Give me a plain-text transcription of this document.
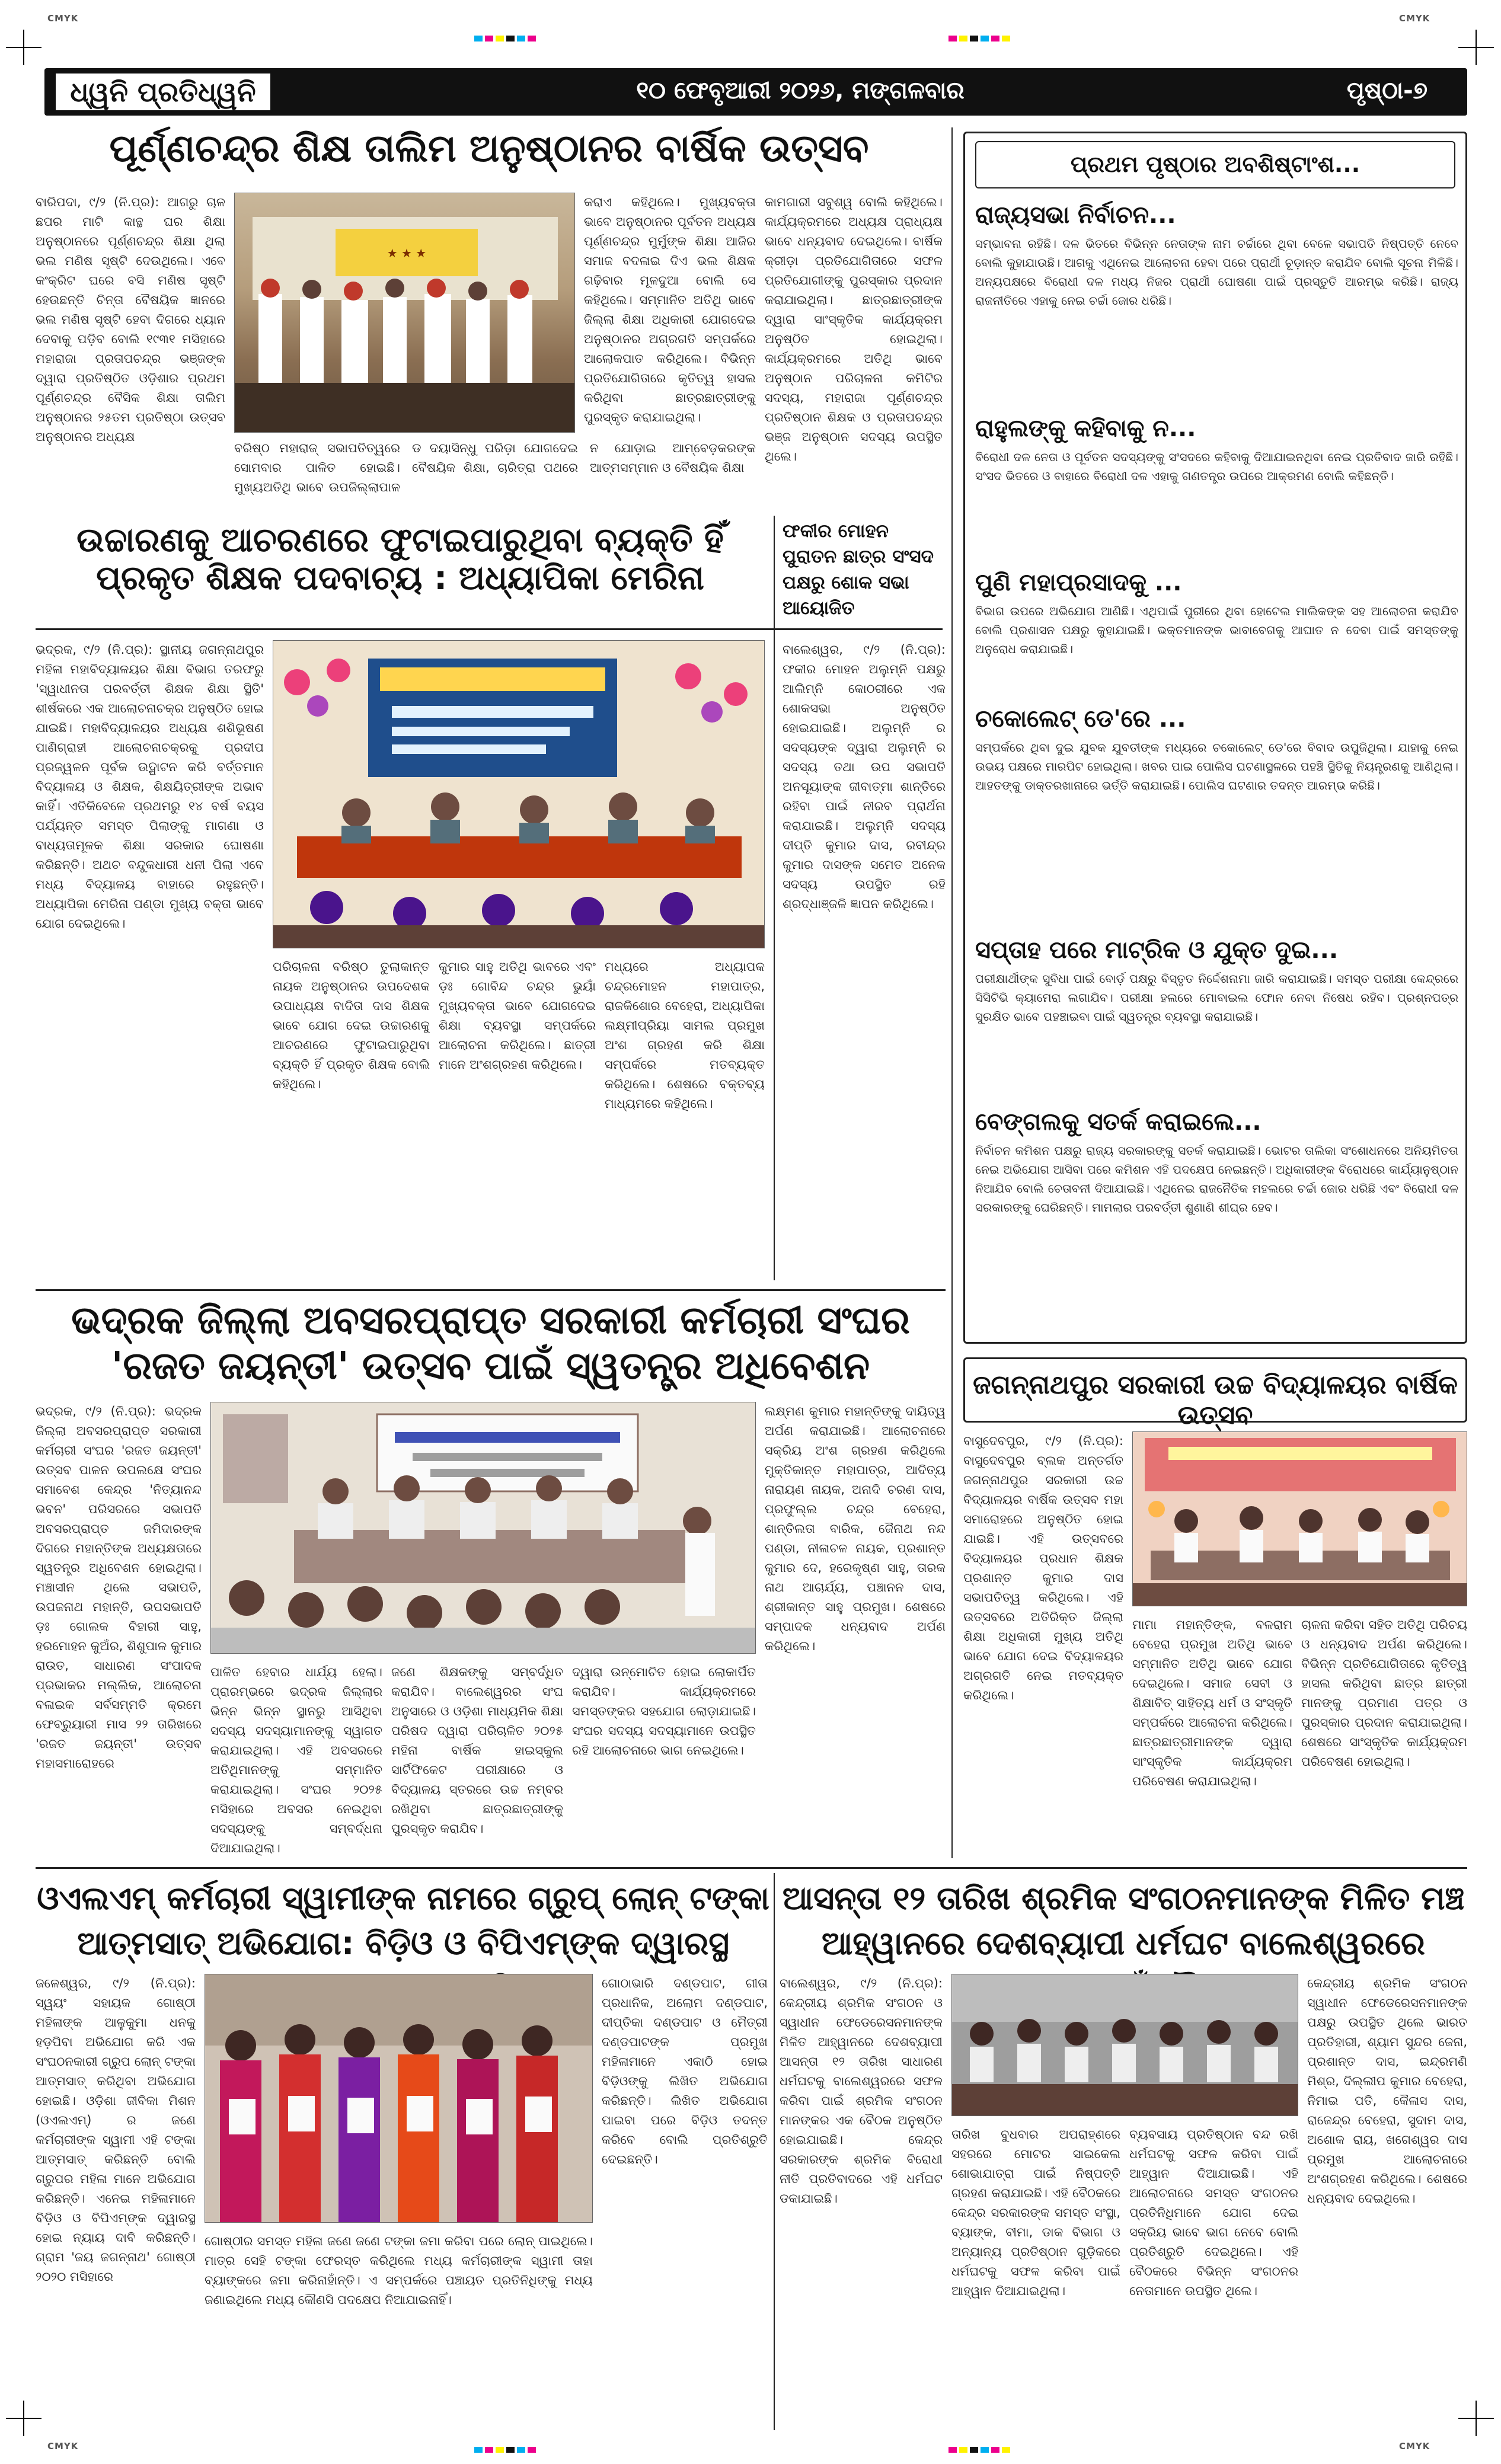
CMYK	CMYK
CMYK	CMYK
ଧ୍ୱନି ପ୍ରତିଧ୍ୱନି	୧୦ ଫେବୃଆରୀ ୨୦୨୬, ମଙ୍ଗଳବାର	ପୃଷ୍ଠା-୭
ପୂର୍ଣ୍ଣଚନ୍ଦ୍ର ଶିକ୍ଷ ତାଲିମ ଅନୁଷ୍ଠାନର ବାର୍ଷିକ ଉତ୍ସବ
ବାରିପଦା, ୯/୨ (ନି.ପ୍ର): ଆଗରୁ ଚାଳ ଛପର ମାଟି କାନ୍ଥ ଘର ଶିକ୍ଷା ଅନୁଷ୍ଠାନରେ ପୂର୍ଣ୍ଣଚନ୍ଦ୍ର ଶିକ୍ଷା ଥିଲା ଭଲ ମଣିଷ ସୃଷ୍ଟି ଦେଉଥିଲେ। ଏବେ କଂକ୍ରିଟ ଘରେ ବସି ମଣିଷ ସୃଷ୍ଟି ହେଉଛନ୍ତି ଚିନ୍ତା ବୈଷୟିକ ଜ୍ଞାନରେ ଭଲ ମଣିଷ ସୃଷ୍ଟି ହେବା ଦିଗରେ ଧ୍ୟାନ ଦେବାକୁ ପଡ଼ିବ ବୋଲି ୧୯୩୧ ମସିହାରେ ମହାରାଜା ପ୍ରତାପଚନ୍ଦ୍ର ଭଞ୍ଜଙ୍କ ଦ୍ୱାରା ପ୍ରତିଷ୍ଠିତ ଓଡ଼ିଶାର ପ୍ରଥମ ପୂର୍ଣ୍ଣଚନ୍ଦ୍ର ବୈସିକ ଶିକ୍ଷା ତାଲିମ ଅନୁଷ୍ଠାନର ୨୫ତମ ପ୍ରତିଷ୍ଠା ଉତ୍ସବ ଅନୁଷ୍ଠାନର ଅଧ୍ୟକ୍ଷ
★ ★ ★
କରାଏ କହିଥିଲେ। ମୁଖ୍ୟବକ୍ତା ଭାବେ ଅନୁଷ୍ଠାନର ପୂର୍ବତନ ଅଧ୍ୟକ୍ଷ ପୂର୍ଣ୍ଣଚନ୍ଦ୍ର ମୁର୍ମୁଙ୍କ ଶିକ୍ଷା ଆଜିର ସମାଜ ବଦଳାଇ ଦିଏ ଭଲ ଶିକ୍ଷକ ଗଢ଼ିବାର ମୂଳଦୁଆ ବୋଲି ସେ କହିଥିଲେ। ସମ୍ମାନିତ ଅତିଥି ଭାବେ ଜିଲ୍ଲା ଶିକ୍ଷା ଅଧିକାରୀ ଯୋଗଦେଇ ଅନୁଷ୍ଠାନର ଅଗ୍ରଗତି ସମ୍ପର୍କରେ ଆଲୋକପାତ କରିଥିଲେ। ବିଭିନ୍ନ ପ୍ରତିଯୋଗିତାରେ କୃତିତ୍ୱ ହାସଲ କରିଥିବା ଛାତ୍ରଛାତ୍ରୀଙ୍କୁ ପୁରସ୍କୃତ କରାଯାଇଥିଲା।
କାମଗାରୀ ସବୁଶ୍ୱ ବୋଲି କହିଥିଲେ। କାର୍ଯ୍ୟକ୍ରମରେ ଅଧ୍ୟକ୍ଷ ପ୍ରାଧ୍ୟକ୍ଷ ଭାବେ ଧନ୍ୟବାଦ ଦେଇଥିଲେ। ବାର୍ଷିକ କ୍ରୀଡ଼ା ପ୍ରତିଯୋଗିତାରେ ସଫଳ ପ୍ରତିଯୋଗୀଙ୍କୁ ପୁରସ୍କାର ପ୍ରଦାନ କରାଯାଇଥିଲା। ଛାତ୍ରଛାତ୍ରୀଙ୍କ ଦ୍ୱାରା ସାଂସ୍କୃତିକ କାର୍ଯ୍ୟକ୍ରମ ଅନୁଷ୍ଠିତ ହୋଇଥିଲା। କାର୍ଯ୍ୟକ୍ରମରେ ଅତିଥି ଭାବେ ଅନୁଷ୍ଠାନ ପରିଚାଳନା କମିଟିର ସଦସ୍ୟ, ମହାରାଜା ପୂର୍ଣ୍ଣଚନ୍ଦ୍ର ପ୍ରତିଷ୍ଠାନ ଶିକ୍ଷକ ଓ ପ୍ରତାପଚନ୍ଦ୍ର ଭଞ୍ଜ ଅନୁଷ୍ଠାନ ସଦସ୍ୟ ଉପସ୍ଥିତ ଥିଲେ।
ବରିଷ୍ଠ ମହାରାଜ୍ ସଭାପତିତ୍ୱରେ ସୋମବାର ପାଳିତ ହୋଇଛି। ମୁଖ୍ୟଅତିଥି ଭାବେ ଉପଜିଲ୍ଲାପାଳ ଡ ଦୟାସିନ୍ଧୁ ପରିଡ଼ା ଯୋଗଦେଇ ବୈଷୟିକ ଶିକ୍ଷା, ଚାରିତ୍ରା ପଥରେ ନ ଯୋଡ଼ାଇ ଆମ୍ବେଡ଼କରଙ୍କ ଆତ୍ମସମ୍ମାନ ଓ ବୈଷୟିକ ଶିକ୍ଷା
ଉଚ୍ଚାରଣକୁ ଆଚରଣରେ ଫୁଟାଇପାରୁଥିବା ବ୍ୟକ୍ତି ହିଁ ପ୍ରକୃତ ଶିକ୍ଷକ ପଦବାଚ୍ୟ : ଅଧ୍ୟାପିକା ମେରିନା
ଭଦ୍ରକ, ୯/୨ (ନି.ପ୍ର): ସ୍ଥାନୀୟ ଜଗନ୍ନାଥପୁର ମହିଳା ମହାବିଦ୍ୟାଳୟର ଶିକ୍ଷା ବିଭାଗ ତରଫରୁ 'ସ୍ୱାଧୀନତା ପରବର୍ତ୍ତୀ ଶିକ୍ଷକ ଶିକ୍ଷା ସ୍ଥିତି' ଶୀର୍ଷକରେ ଏକ ଆଲୋଚନାଚକ୍ର ଅନୁଷ୍ଠିତ ହୋଇ ଯାଇଛି। ମହାବିଦ୍ୟାଳୟର ଅଧ୍ୟକ୍ଷ ଶଶିଭୂଷଣ ପାଣିଗ୍ରାହୀ ଆଲୋଚନାଚକ୍ରକୁ ପ୍ରଦୀପ ପ୍ରଜ୍ୱଳନ ପୂର୍ବକ ଉଦ୍ଘାଟନ କରି ବର୍ତ୍ତମାନ ବିଦ୍ୟାଳୟ ଓ ଶିକ୍ଷକ, ଶିକ୍ଷୟିତ୍ରୀଙ୍କ ଅଭାବ କାହିଁ। ଏତିକିବେଳେ ପ୍ରଥମରୁ ୧୪ ବର୍ଷ ବୟସ ପର୍ଯ୍ୟନ୍ତ ସମସ୍ତ ପିଲାଙ୍କୁ ମାଗଣା ଓ ବାଧ୍ୟତାମୂଳକ ଶିକ୍ଷା ସରକାର ଘୋଷଣା କରିଛନ୍ତି। ଅଥଚ ବନ୍ଦୁକଧାରୀ ଧନୀ ପିଲା ଏବେ ମଧ୍ୟ ବିଦ୍ୟାଳୟ ବାହାରେ ରହୁଛନ୍ତି। ଅଧ୍ୟାପିକା ମେରିନା ପଣ୍ଡା ମୁଖ୍ୟ ବକ୍ତା ଭାବେ ଯୋଗ ଦେଇଥିଲେ।
ପରିଚାଳନା ବରିଷ୍ଠ ତୁଲାକାନ୍ତ ନାୟକ ଅନୁଷ୍ଠାନର ଉପଦେଶକ ଉପାଧ୍ୟକ୍ଷ ବାଦିତା ଦାସ ଶିକ୍ଷକ ଭାବେ ଯୋଗ ଦେଇ ଉଚ୍ଚାରଣକୁ ଆଚରଣରେ ଫୁଟାଇପାରୁଥିବା ବ୍ୟକ୍ତି ହିଁ ପ୍ରକୃତ ଶିକ୍ଷକ ବୋଲି କହିଥିଲେ।
କୁମାର ସାହୁ ଅତିଥି ଭାବରେ ଏବଂ ଡ଼ଃ ଗୋବିନ୍ଦ ଚନ୍ଦ୍ର ଭୁୟାଁ ମୁଖ୍ୟବକ୍ତା ଭାବେ ଯୋଗଦେଇ ଶିକ୍ଷା ବ୍ୟବସ୍ଥା ସମ୍ପର୍କରେ ଆଲୋଚନା କରିଥିଲେ। ଛାତ୍ରୀ ମାନେ ଅଂଶଗ୍ରହଣ କରିଥିଲେ।
ମଧ୍ୟରେ ଅଧ୍ୟାପକ ଚନ୍ଦ୍ରମୋହନ ମହାପାତ୍ର, ରାଜକିଶୋର ବେହେରା, ଅଧ୍ୟାପିକା ଲକ୍ଷ୍ମୀପ୍ରିୟା ସାମଲ ପ୍ରମୁଖ ଅଂଶ ଗ୍ରହଣ କରି ଶିକ୍ଷା ସମ୍ପର୍କରେ ମତବ୍ୟକ୍ତ କରିଥିଲେ। ଶେଷରେ ବକ୍ତବ୍ୟ ମାଧ୍ୟମରେ କହିଥିଲେ।
ଫକୀର ମୋହନ ପୁରାତନ ଛାତ୍ର ସଂସଦ ପକ୍ଷରୁ ଶୋକ ସଭା ଆୟୋଜିତ
ବାଲେଶ୍ୱର, ୯/୨ (ନି.ପ୍ର): ଫକୀର ମୋହନ ଅଲୁମ୍ନି ପକ୍ଷରୁ ଆଲିମ୍ନି କୋଠରୀରେ ଏକ ଶୋକସଭା ଅନୁଷ୍ଠିତ ହୋଇଯାଇଛି। ଅଲୁମ୍ନି ର ସଦସ୍ୟଙ୍କ ଦ୍ୱାରା ଅଲୁମ୍ନି ର ସଦସ୍ୟ ତଥା ଉପ ସଭାପତି ଅନସୂୟାଙ୍କ ଜୀବାତ୍ମା ଶାନ୍ତିରେ ରହିବା ପାଇଁ ନୀରବ ପ୍ରାର୍ଥନା କରାଯାଇଛି। ଅଲୁମ୍ନି ସଦସ୍ୟ ଦୀପ୍ତି କୁମାର ଦାସ, ରବୀନ୍ଦ୍ର କୁମାର ଦାସଙ୍କ ସମେତ ଅନେକ ସଦସ୍ୟ ଉପସ୍ଥିତ ରହି ଶ୍ରଦ୍ଧାଞ୍ଜଳି ଜ୍ଞାପନ କରିଥିଲେ।
ଭଦ୍ରକ ଜିଲ୍ଲା ଅବସରପ୍ରାପ୍ତ ସରକାରୀ କର୍ମଚାରୀ ସଂଘର 'ରଜତ ଜୟନ୍ତୀ' ଉତ୍ସବ ପାଇଁ ସ୍ୱତନ୍ତ୍ର ଅଧିବେଶନ
ଭଦ୍ରକ, ୯/୨ (ନି.ପ୍ର): ଭଦ୍ରକ ଜିଲ୍ଲା ଅବସରପ୍ରାପ୍ତ ସରକାରୀ କର୍ମଚାରୀ ସଂଘର 'ରଜତ ଜୟନ୍ତୀ' ଉତ୍ସବ ପାଳନ ଉପଲକ୍ଷେ ସଂଘର ସମାବେଶ କେନ୍ଦ୍ର 'ନିତ୍ୟାନନ୍ଦ ଭବନ' ପରିସରରେ ସଭାପତି ଅବସରପ୍ରାପ୍ତ ଜମିଦାରଙ୍କ ଦିଗରେ ମହାନ୍ତିଙ୍କ ଅଧ୍ୟକ୍ଷତାରେ ସ୍ୱତନ୍ତ୍ର ଅଧିବେଶନ ହୋଇଥିଲା। ମଞ୍ଚାସୀନ ଥିଲେ ସଭାପତି, ଉପଜନାଥ ମହାନ୍ତି, ଉପସଭାପତି ଡ଼ଃ ଗୋଲକ ବିହାରୀ ସାହୁ, ହରମୋହନ କୁଅଁର, ଶିଶୁପାଳ କୁମାର ରାଉତ, ସାଧାରଣ ସଂପାଦକ ପ୍ରଭାକର ମଲ୍ଲିକ, ଆଲୋଚନା ବଳାଇକ ସର୍ବସମ୍ମତି କ୍ରମେ ଫେବ୍ରୁୟାରୀ ମାସ ୨୨ ତାରିଖରେ 'ରଜତ ଜୟନ୍ତୀ' ଉତ୍ସବ ମହାସମାରୋହରେ
ପାଳିତ ହେବାର ଧାର୍ଯ୍ୟ ହେଲା। ପ୍ରାରମ୍ଭରେ ଭଦ୍ରକ ଜିଲ୍ଲାର ଭିନ୍ନ ଭିନ୍ନ ସ୍ଥାନରୁ ଆସିଥିବା ସଦସ୍ୟ ସଦସ୍ୟାମାନଙ୍କୁ ସ୍ୱାଗତ କରାଯାଇଥିଲା। ଏହି ଅବସରରେ ଅତିଥିମାନଙ୍କୁ ସମ୍ମାନିତ କରାଯାଇଥିଲା। ସଂଘର ୨୦୨୫ ମସିହାରେ ଅବସର ନେଇଥିବା ସଦସ୍ୟଙ୍କୁ ସମ୍ବର୍ଦ୍ଧନା ଦିଆଯାଇଥିଲା।
ଜଣେ ଶିକ୍ଷକଙ୍କୁ ସମ୍ବର୍ଦ୍ଧିତ କରାଯିବ। ବାଲେଶ୍ୱରର ସଂଘ ଅନୁସାରେ ଓ ଓଡ଼ିଶା ମାଧ୍ୟମିକ ଶିକ୍ଷା ପରିଷଦ ଦ୍ୱାରା ପରିଚାଳିତ ୨୦୨୫ ମହିନା ବାର୍ଷିକ ହାଇସ୍କୁଲ ସାର୍ଟିଫିକେଟ ପରୀକ୍ଷାରେ ଓ ବିଦ୍ୟାଳୟ ସ୍ତରରେ ଉଚ୍ଚ ନମ୍ବର ରଖିଥିବା ଛାତ୍ରଛାତ୍ରୀଙ୍କୁ ପୁରସ୍କୃତ କରାଯିବ।
ଦ୍ୱାରା ଉନ୍ମୋଚିତ ହୋଇ ଲୋକାର୍ପିତ କରାଯିବ। କାର୍ଯ୍ୟକ୍ରମରେ ସମସ୍ତଙ୍କର ସହଯୋଗ ଲୋଡ଼ାଯାଇଛି। ସଂଘର ସଦସ୍ୟ ସଦସ୍ୟାମାନେ ଉପସ୍ଥିତ ରହି ଆଲୋଚନାରେ ଭାଗ ନେଇଥିଲେ।
ଲକ୍ଷ୍ମଣ କୁମାର ମହାନ୍ତିଙ୍କୁ ଦାୟିତ୍ୱ ଅର୍ପଣ କରାଯାଇଛି। ଆଲୋଚନାରେ ସକ୍ରିୟ ଅଂଶ ଗ୍ରହଣ କରିଥିଲେ ମୁକ୍ତିକାନ୍ତ ମହାପାତ୍ର, ଆଦିତ୍ୟ ନାରାୟଣ ନାୟକ, ଅନାଦି ଚରଣ ଦାସ, ପ୍ରଫୁଲ୍ଲ ଚନ୍ଦ୍ର ବେହେରା, ଶାନ୍ତିଲତା ବାରିକ, ଜୈନାଥ ନନ୍ଦ ପଣ୍ଡା, ନୀଳାଚଳ ନାୟକ, ପ୍ରଶାନ୍ତ କୁମାର ଦେ, ହରେକୃଷ୍ଣ ସାହୁ, ତାରକ ନାଥ ଆଚାର୍ଯ୍ୟ, ପଞ୍ଚାନନ ଦାସ, ଶ୍ରୀକାନ୍ତ ସାହୁ ପ୍ରମୁଖ। ଶେଷରେ ସମ୍ପାଦକ ଧନ୍ୟବାଦ ଅର୍ପଣ କରିଥିଲେ।
ପ୍ରଥମ ପୃଷ୍ଠାର ଅବଶିଷ୍ଟାଂଶ...
ରାଜ୍ୟସଭା ନିର୍ବାଚନ...
ସମ୍ଭାବନା ରହିଛି। ଦଳ ଭିତରେ ବିଭିନ୍ନ ନେତାଙ୍କ ନାମ ଚର୍ଚ୍ଚାରେ ଥିବା ବେଳେ ସଭାପତି ନିଷ୍ପତ୍ତି ନେବେ ବୋଲି କୁହାଯାଉଛି। ଆଗକୁ ଏଥିନେଇ ଆଲୋଚନା ହେବା ପରେ ପ୍ରାର୍ଥୀ ଚୂଡ଼ାନ୍ତ କରାଯିବ ବୋଲି ସୂଚନା ମିଳିଛି। ଅନ୍ୟପକ୍ଷରେ ବିରୋଧୀ ଦଳ ମଧ୍ୟ ନିଜର ପ୍ରାର୍ଥୀ ଘୋଷଣା ପାଇଁ ପ୍ରସ୍ତୁତି ଆରମ୍ଭ କରିଛି। ରାଜ୍ୟ ରାଜନୀତିରେ ଏହାକୁ ନେଇ ଚର୍ଚ୍ଚା ଜୋର ଧରିଛି।
ରାହୁଲଙ୍କୁ କହିବାକୁ ନ...
ବିରୋଧୀ ଦଳ ନେତା ଓ ପୂର୍ବତନ ସଦସ୍ୟଙ୍କୁ ସଂସଦରେ କହିବାକୁ ଦିଆଯାଇନଥିବା ନେଇ ପ୍ରତିବାଦ ଜାରି ରହିଛି। ସଂସଦ ଭିତରେ ଓ ବାହାରେ ବିରୋଧୀ ଦଳ ଏହାକୁ ଗଣତନ୍ତ୍ର ଉପରେ ଆକ୍ରମଣ ବୋଲି କହିଛନ୍ତି।
ପୁଣି ମହାପ୍ରସାଦକୁ ...
ବିଭାଗ ଉପରେ ଅଭିଯୋଗ ଆଣିଛି। ଏଥିପାଇଁ ପୁରୀରେ ଥିବା ହୋଟେଲ ମାଲିକଙ୍କ ସହ ଆଲୋଚନା କରାଯିବ ବୋଲି ପ୍ରଶାସନ ପକ୍ଷରୁ କୁହାଯାଇଛି। ଭକ୍ତମାନଙ୍କ ଭାବାବେଗକୁ ଆଘାତ ନ ଦେବା ପାଇଁ ସମସ୍ତଙ୍କୁ ଅନୁରୋଧ କରାଯାଇଛି।
ଚକୋଲେଟ୍ ଡେ'ରେ ...
ସମ୍ପର୍କରେ ଥିବା ଦୁଇ ଯୁବକ ଯୁବତୀଙ୍କ ମଧ୍ୟରେ ଚକୋଲେଟ୍ ଡେ'ରେ ବିବାଦ ଉପୁଜିଥିଲା। ଯାହାକୁ ନେଇ ଉଭୟ ପକ୍ଷରେ ମାରପିଟ ହୋଇଥିଲା। ଖବର ପାଇ ପୋଲିସ ଘଟଣାସ୍ଥଳରେ ପହଞ୍ଚି ସ୍ଥିତିକୁ ନିୟନ୍ତ୍ରଣକୁ ଆଣିଥିଲା। ଆହତଙ୍କୁ ଡାକ୍ତରଖାନାରେ ଭର୍ତ୍ତି କରାଯାଇଛି। ପୋଲିସ ଘଟଣାର ତଦନ୍ତ ଆରମ୍ଭ କରିଛି।
ସପ୍ତାହ ପରେ ମାଟ୍ରିକ ଓ ଯୁକ୍ତ ଦୁଇ...
ପରୀକ୍ଷାର୍ଥୀଙ୍କ ସୁବିଧା ପାଇଁ ବୋର୍ଡ଼ ପକ୍ଷରୁ ବିସ୍ତୃତ ନିର୍ଦ୍ଦେଶନାମା ଜାରି କରାଯାଇଛି। ସମସ୍ତ ପରୀକ୍ଷା କେନ୍ଦ୍ରରେ ସିସିଟିଭି କ୍ୟାମେରା ଲଗାଯିବ। ପରୀକ୍ଷା ହଲରେ ମୋବାଇଲ ଫୋନ ନେବା ନିଷେଧ ରହିବ। ପ୍ରଶ୍ନପତ୍ର ସୁରକ୍ଷିତ ଭାବେ ପହଞ୍ଚାଇବା ପାଇଁ ସ୍ୱତନ୍ତ୍ର ବ୍ୟବସ୍ଥା କରାଯାଇଛି।
ବେଙ୍ଗଲକୁ ସତର୍କ କରାଇଲେ...
ନିର୍ବାଚନ କମିଶନ ପକ୍ଷରୁ ରାଜ୍ୟ ସରକାରଙ୍କୁ ସତର୍କ କରାଯାଇଛି। ଭୋଟର ତାଲିକା ସଂଶୋଧନରେ ଅନିୟମିତତା ନେଇ ଅଭିଯୋଗ ଆସିବା ପରେ କମିଶନ ଏହି ପଦକ୍ଷେପ ନେଇଛନ୍ତି। ଅଧିକାରୀଙ୍କ ବିରୋଧରେ କାର୍ଯ୍ୟାନୁଷ୍ଠାନ ନିଆଯିବ ବୋଲି ଚେତାବନୀ ଦିଆଯାଇଛି। ଏଥିନେଇ ରାଜନୈତିକ ମହଲରେ ଚର୍ଚ୍ଚା ଜୋର ଧରିଛି ଏବଂ ବିରୋଧୀ ଦଳ ସରକାରଙ୍କୁ ଘେରିଛନ୍ତି। ମାମଲାର ପରବର୍ତ୍ତୀ ଶୁଣାଣି ଶୀଘ୍ର ହେବ।
ଜଗନ୍ନାଥପୁର ସରକାରୀ ଉଚ୍ଚ ବିଦ୍ୟାଳୟର ବାର୍ଷିକ ଉତ୍ସବ
ବାସୁଦେବପୁର, ୯/୨ (ନି.ପ୍ର): ବାସୁଦେବପୁର ବ୍ଲକ ଅନ୍ତର୍ଗତ ଜଗନ୍ନାଥପୁର ସରକାରୀ ଉଚ୍ଚ ବିଦ୍ୟାଳୟର ବାର୍ଷିକ ଉତ୍ସବ ମହା ସମାରୋହରେ ଅନୁଷ୍ଠିତ ହୋଇ ଯାଇଛି। ଏହି ଉତ୍ସବରେ ବିଦ୍ୟାଳୟର ପ୍ରଧାନ ଶିକ୍ଷକ ପ୍ରଶାନ୍ତ କୁମାର ଦାସ ସଭାପତିତ୍ୱ କରିଥିଲେ। ଏହି ଉତ୍ସବରେ ଅତିରିକ୍ତ ଜିଲ୍ଲା ଶିକ୍ଷା ଅଧିକାରୀ ମୁଖ୍ୟ ଅତିଥି ଭାବେ ଯୋଗ ଦେଇ ବିଦ୍ୟାଳୟର ଅଗ୍ରଗତି ନେଇ ମତବ୍ୟକ୍ତ କରିଥିଲେ।
ମାମା ମହାନ୍ତିଙ୍କ, ବଳରାମ ବେହେରା ପ୍ରମୁଖ ଅତିଥି ଭାବେ ସମ୍ମାନିତ ଅତିଥି ଭାବେ ଯୋଗ ଦେଇଥିଲେ। ସମାଜ ସେବୀ ଓ ଶିକ୍ଷାବିତ୍ ସାହିତ୍ୟ ଧର୍ମ ଓ ସଂସ୍କୃତି ସମ୍ପର୍କରେ ଆଲୋଚନା କରିଥିଲେ। ଛାତ୍ରଛାତ୍ରୀମାନଙ୍କ ଦ୍ୱାରା ସାଂସ୍କୃତିକ କାର୍ଯ୍ୟକ୍ରମ ପରିବେଷଣ କରାଯାଇଥିଲା।
ଚାଳନା କରିବା ସହିତ ଅତିଥି ପରିଚୟ ଓ ଧନ୍ୟବାଦ ଅର୍ପଣ କରିଥିଲେ। ବିଭିନ୍ନ ପ୍ରତିଯୋଗିତାରେ କୃତିତ୍ୱ ହାସଲ କରିଥିବା ଛାତ୍ର ଛାତ୍ରୀ ମାନଙ୍କୁ ପ୍ରମାଣ ପତ୍ର ଓ ପୁରସ୍କାର ପ୍ରଦାନ କରାଯାଇଥିଲା। ଶେଷରେ ସାଂସ୍କୃତିକ କାର୍ଯ୍ୟକ୍ରମ ପରିବେଷଣ ହୋଇଥିଲା।
ଓଏଲଏମ୍ କର୍ମଚାରୀ ସ୍ୱାମୀଙ୍କ ନାମରେ ଗ୍ରୁପ୍ ଲୋନ୍ ଟଙ୍କା ଆତ୍ମସାତ୍ ଅଭିଯୋଗ: ବିଡ଼ିଓ ଓ ବିପିଏମ୍‌ଙ୍କ ଦ୍ୱାରସ୍ଥ
ଜଳେଶ୍ୱର, ୯/୨ (ନି.ପ୍ର): ସ୍ୱୟଂ ସହାୟକ ଗୋଷ୍ଠୀ ମହିଳାଙ୍କ ଆଳୁକୁମା ଧନକୁ ହଡ଼ପିବା ଅଭିଯୋଗ କରି ଏକ ସଂଘଠନକାରୀ ଗ୍ରୁପ ଲୋନ୍ ଟଙ୍କା ଆତ୍ମସାତ୍ କରିଥିବା ଅଭିଯୋଗ ହୋଇଛି। ଓଡ଼ିଶା ଜୀବିକା ମିଶନ (ଓଏଲଏମ୍) ର ଜଣେ କର୍ମଚାରୀଙ୍କ ସ୍ୱାମୀ ଏହି ଟଙ୍କା ଆତ୍ମସାତ୍ କରିଛନ୍ତି ବୋଲି ଗ୍ରୁପର ମହିଳା ମାନେ ଅଭିଯୋଗ କରିଛନ୍ତି। ଏନେଇ ମହିଳାମାନେ ବିଡ଼ିଓ ଓ ବିପିଏମ୍‌ଙ୍କ ଦ୍ୱାରସ୍ଥ ହୋଇ ନ୍ୟାୟ ଦାବି କରିଛନ୍ତି। ଗ୍ରାମ 'ଜୟ ଜଗନ୍ନାଥ' ଗୋଷ୍ଠୀ ୨୦୨୦ ମସିହାରେ
ଗୋଷ୍ଠୀର ସମସ୍ତ ମହିଳା ଜଣେ ଜଣେ ଟଙ୍କା ଜମା କରିବା ପରେ ଲୋନ୍ ପାଇଥିଲେ। ମାତ୍ର ସେହି ଟଙ୍କା ଫେରସ୍ତ କରିଥିଲେ ମଧ୍ୟ କର୍ମଚାରୀଙ୍କ ସ୍ୱାମୀ ତାହା ବ୍ୟାଙ୍କରେ ଜମା କରିନାହାଁନ୍ତି। ଏ ସମ୍ପର୍କରେ ପଞ୍ଚାୟତ ପ୍ରତିନିଧିଙ୍କୁ ମଧ୍ୟ ଜଣାଇଥିଲେ ମଧ୍ୟ କୌଣସି ପଦକ୍ଷେପ ନିଆଯାଇନାହିଁ।
ଗୋଠାଭାରି ଦଣ୍ଡପାଟ, ଗୀତା ପ୍ରଧାନିକ, ଅଲୋମ ଦଣ୍ଡପାଟ, ଦୀପ୍ତିକା ଦଣ୍ଡପାଟ ଓ ମୈତ୍ରୀ ଦଣ୍ଡପାଟଙ୍କ ପ୍ରମୁଖ ମହିଳାମାନେ ଏକାଠି ହୋଇ ବିଡ଼ିଓଙ୍କୁ ଲିଖିତ ଅଭିଯୋଗ କରିଛନ୍ତି। ଲିଖିତ ଅଭିଯୋଗ ପାଇବା ପରେ ବିଡ଼ିଓ ତଦନ୍ତ କରିବେ ବୋଲି ପ୍ରତିଶ୍ରୁତି ଦେଇଛନ୍ତି।
ଆସନ୍ତା ୧୨ ତାରିଖ ଶ୍ରମିକ ସଂଗଠନମାନଙ୍କ ମିଳିତ ମଞ୍ଚ ଆହ୍ୱାନରେ ଦେଶବ୍ୟାପୀ ଧର୍ମଘଟ ବାଲେଶ୍ୱରରେ
ବାଲେଶ୍ୱର, ୯/୨ (ନି.ପ୍ର): କେନ୍ଦ୍ରୀୟ ଶ୍ରମିକ ସଂଗଠନ ଓ ସ୍ୱାଧୀନ ଫେଡେରେସନମାନଙ୍କ ମିଳିତ ଆହ୍ୱାନରେ ଦେଶବ୍ୟାପୀ ଆସନ୍ତା ୧୨ ତାରିଖ ସାଧାରଣ ଧର୍ମଘଟକୁ ବାଲେଶ୍ୱରରେ ସଫଳ କରିବା ପାଇଁ ଶ୍ରମିକ ସଂଗଠନ ମାନଙ୍କର ଏକ ବୈଠକ ଅନୁଷ୍ଠିତ ହୋଇଯାଇଛି। କେନ୍ଦ୍ର ସରକାରଙ୍କ ଶ୍ରମିକ ବିରୋଧୀ ନୀତି ପ୍ରତିବାଦରେ ଏହି ଧର୍ମଘଟ ଡକାଯାଇଛି।
ତାରିଖ ବୁଧବାର ଅପରାହ୍ଣରେ ସହରରେ ମୋଟର ସାଇକେଲ ଶୋଭାଯାତ୍ରା ପାଇଁ ନିଷ୍ପତ୍ତି ଗ୍ରହଣ କରାଯାଇଛି। ଏହି ବୈଠକରେ କେନ୍ଦ୍ର ସରକାରଙ୍କ ସମସ୍ତ ସଂସ୍ଥା, ବ୍ୟାଙ୍କ, ବୀମା, ଡାକ ବିଭାଗ ଓ ଅନ୍ୟାନ୍ୟ ପ୍ରତିଷ୍ଠାନ ଗୁଡ଼ିକରେ ଧର୍ମଘଟକୁ ସଫଳ କରିବା ପାଇଁ ଆହ୍ୱାନ ଦିଆଯାଇଥିଲା।
ବ୍ୟବସାୟ ପ୍ରତିଷ୍ଠାନ ବନ୍ଦ ରଖି ଧର୍ମଘଟକୁ ସଫଳ କରିବା ପାଇଁ ଆହ୍ୱାନ ଦିଆଯାଇଛି। ଏହି ଆଲୋଚନାରେ ସମସ୍ତ ସଂଗଠନର ପ୍ରତିନିଧିମାନେ ଯୋଗ ଦେଇ ସକ୍ରିୟ ଭାବେ ଭାଗ ନେବେ ବୋଲି ପ୍ରତିଶ୍ରୁତି ଦେଇଥିଲେ। ଏହି ବୈଠକରେ ବିଭିନ୍ନ ସଂଗଠନର ନେତାମାନେ ଉପସ୍ଥିତ ଥିଲେ।
କେନ୍ଦ୍ରୀୟ ଶ୍ରମିକ ସଂଗଠନ ସ୍ୱାଧୀନ ଫେଡେରେସନମାନଙ୍କ ପକ୍ଷରୁ ଉପସ୍ଥିତ ଥିଲେ ଭାରତ ପ୍ରତିହାରୀ, ଶ୍ୟାମ ସୁନ୍ଦର ଜେନା, ପ୍ରଶାନ୍ତ ଦାସ, ଇନ୍ଦ୍ରମଣି ମିଶ୍ର, ଦିଲ୍ଲୀପ କୁମାର ବେହେରା, ନିମାଇ ପତି, କୈଳାସ ଦାସ, ରାଜେନ୍ଦ୍ର ବେହେରା, ସୁଦାମ ଦାସ, ଅଶୋକ ରାୟ, ଖଗେଶ୍ୱର ଦାସ ପ୍ରମୁଖ ଆଲୋଚନାରେ ଅଂଶଗ୍ରହଣ କରିଥିଲେ। ଶେଷରେ ଧନ୍ୟବାଦ ଦେଇଥିଲେ।
